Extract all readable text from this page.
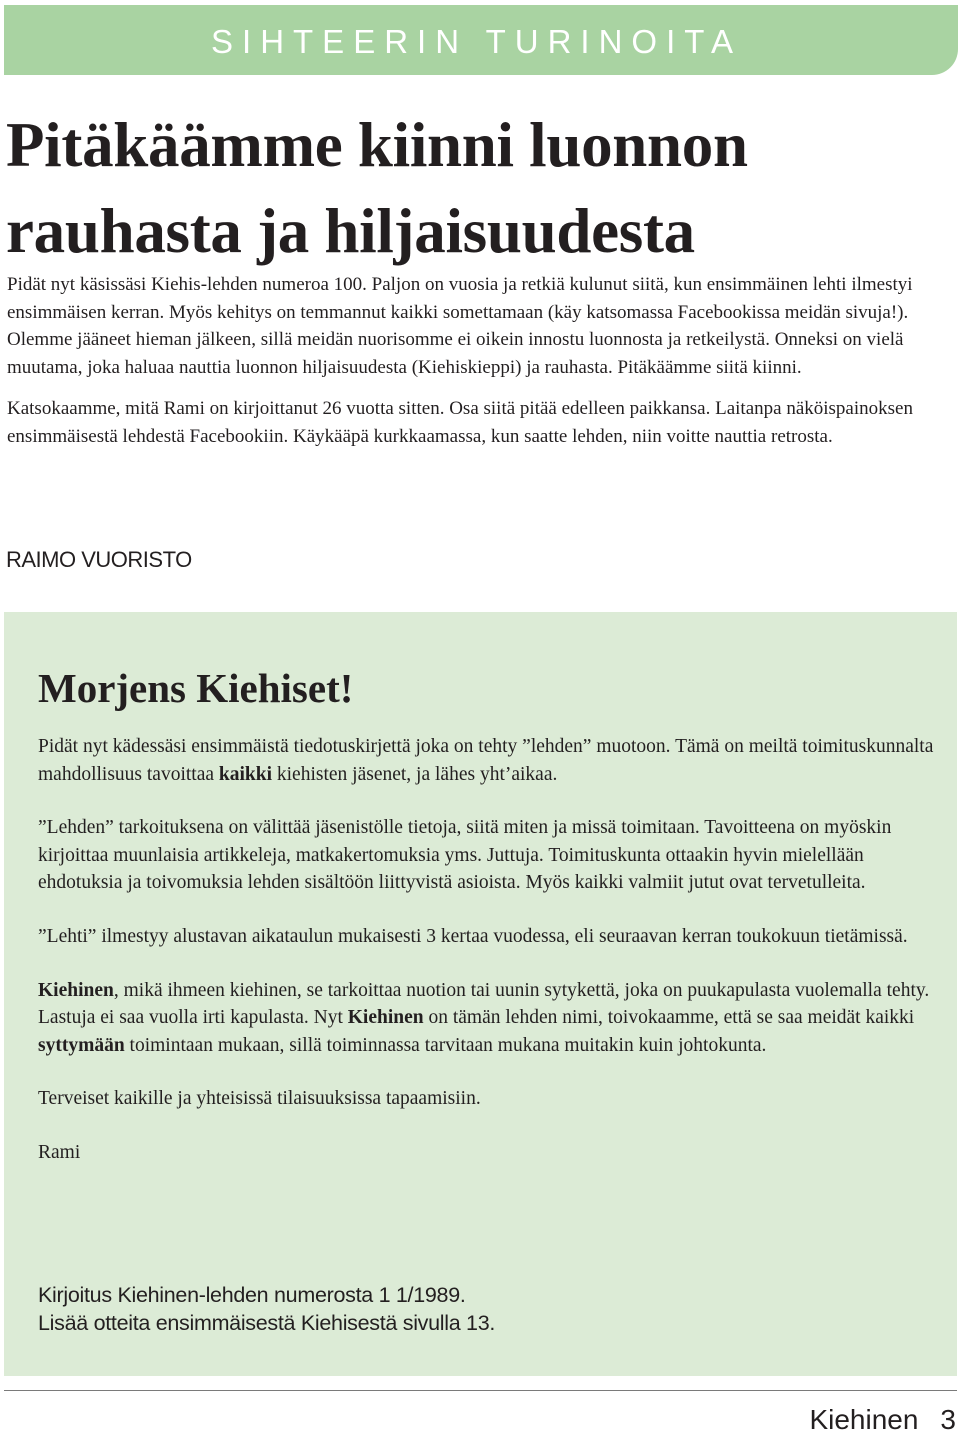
SIHTEERIN TURINOITA
Pitäkäämme kiinni luonnon
rauhasta ja hiljaisuudesta

Pidät nyt käsissäsi Kiehis-lehden numeroa 100. Paljon on vuosia ja retkiä kulunut siitä, kun ensimmäinen lehti ilmestyi ensimmäisen kerran. Myös kehitys on temmannut kaikki somettamaan (käy katsomassa Facebookissa meidän sivuja!). Olemme jääneet hieman jälkeen, sillä meidän nuorisomme ei oikein innostu luonnosta ja retkeilystä. Onneksi on vielä muutama, joka haluaa nauttia luonnon hiljaisuudesta (Kiehiskieppi) ja rauhasta. Pitäkäämme siitä kiinni.

Katsokaamme, mitä Rami on kirjoittanut 26 vuotta sitten. Osa siitä pitää edelleen paikkansa. Laitanpa näköispainoksen ensimmäisestä lehdestä Facebookiin. Käykääpä kurkkaamassa, kun saatte lehden, niin voitte nauttia retrosta.

RAIMO VUORISTO
Morjens Kiehiset!

Pidät nyt kädessäsi ensimmäistä tiedotuskirjettä joka on tehty ”lehden” muotoon. Tämä on meiltä toimituskunnalta mahdollisuus tavoittaa kaikki kiehisten jäsenet, ja lähes yht’aikaa.

”Lehden” tarkoituksena on välittää jäsenistölle tietoja, siitä miten ja missä toimitaan. Tavoitteena on myöskin kirjoittaa muunlaisia artikkeleja, matkakertomuksia yms. Juttuja. Toimituskunta ottaakin hyvin mielellään ehdotuksia ja toivomuksia lehden sisältöön liittyvistä asioista. Myös kaikki valmiit jutut ovat tervetulleita.

”Lehti” ilmestyy alustavan aikataulun mukaisesti 3 kertaa vuodessa, eli seuraavan kerran toukokuun tietämissä.

Kiehinen, mikä ihmeen kiehinen, se tarkoittaa nuotion tai uunin sytykettä, joka on puukapulasta vuolemalla tehty. Lastuja ei saa vuolla irti kapulasta. Nyt Kiehinen on tämän lehden nimi, toivokaamme, että se saa meidät kaikki syttymään toimintaan mukaan, sillä toiminnassa tarvitaan mukana muitakin kuin johtokunta.

Terveiset kaikille ja yhteisissä tilaisuuksissa tapaamisiin.

Rami

Kirjoitus Kiehinen-lehden numerosta 1 1/1989.
Lisää otteita ensimmäisestä Kiehisestä sivulla 13.
Kiehinen 3
